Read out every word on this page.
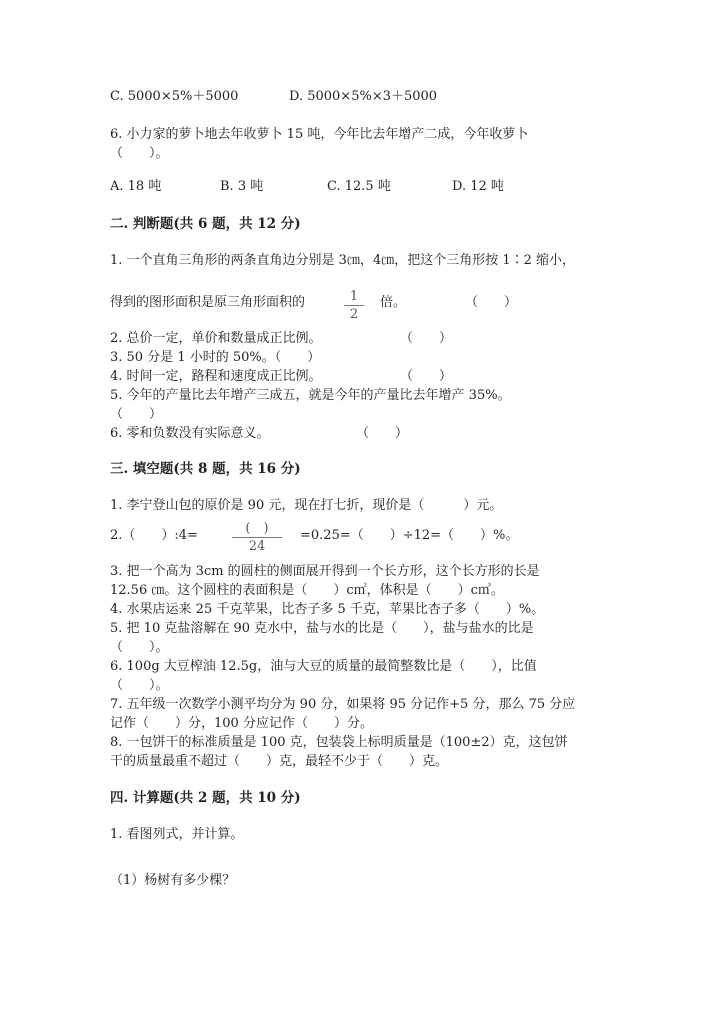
C. 5000×5%＋5000	D. 5000×5%×3＋5000
6. 小力家的萝卜地去年收萝卜 15 吨，今年比去年增产二成，今年收萝卜
（　　）。
A. 18 吨	B. 3 吨	C. 12.5 吨	D. 12 吨
二. 判断题(共 6 题，共 12 分)
1. 一个直角三角形的两条直角边分别是 3㎝，4㎝，把这个三角形按 1∶2 缩小，
得到的图形面积是原三角形面积的	1
2
倍。	（　　）
2. 总价一定，单价和数量成正比例。	（　　）
3. 50 分是 1 小时的 50%。（　　）
4. 时间一定，路程和速度成正比例。	（　　）
5. 今年的产量比去年增产三成五，就是今年的产量比去年增产 35%。
（　　）
6. 零和负数没有实际意义。	（　　）
三. 填空题(共 8 题，共 16 分)
1. 李宁登山包的原价是 90 元，现在打七折，现价是（　　　）元。
2.（　　）:4=	(　)
24
=0.25=（　　）÷12=（　　）%。
3. 把一个高为 3cm 的圆柱的侧面展开得到一个长方形，这个长方形的长是
12.56 ㎝。这个圆柱的表面积是（　　）c㎡，体积是（　　）c㎥。
4. 水果店运来 25 千克苹果，比杏子多 5 千克，苹果比杏子多（　　）%。
5. 把 10 克盐溶解在 90 克水中，盐与水的比是（　　），盐与盐水的比是
（　　）。
6. 100g 大豆榨油 12.5g，油与大豆的质量的最简整数比是（　　），比值
（　　）。
7. 五年级一次数学小测平均分为 90 分，如果将 95 分记作+5 分，那么 75 分应
记作（　　）分，100 分应记作（　　）分。
8. 一包饼干的标准质量是 100 克，包装袋上标明质量是（100±2）克，这包饼
干的质量最重不超过（　　）克，最轻不少于（　　）克。
四. 计算题(共 2 题，共 10 分)
1. 看图列式，并计算。
（1）杨树有多少棵？
